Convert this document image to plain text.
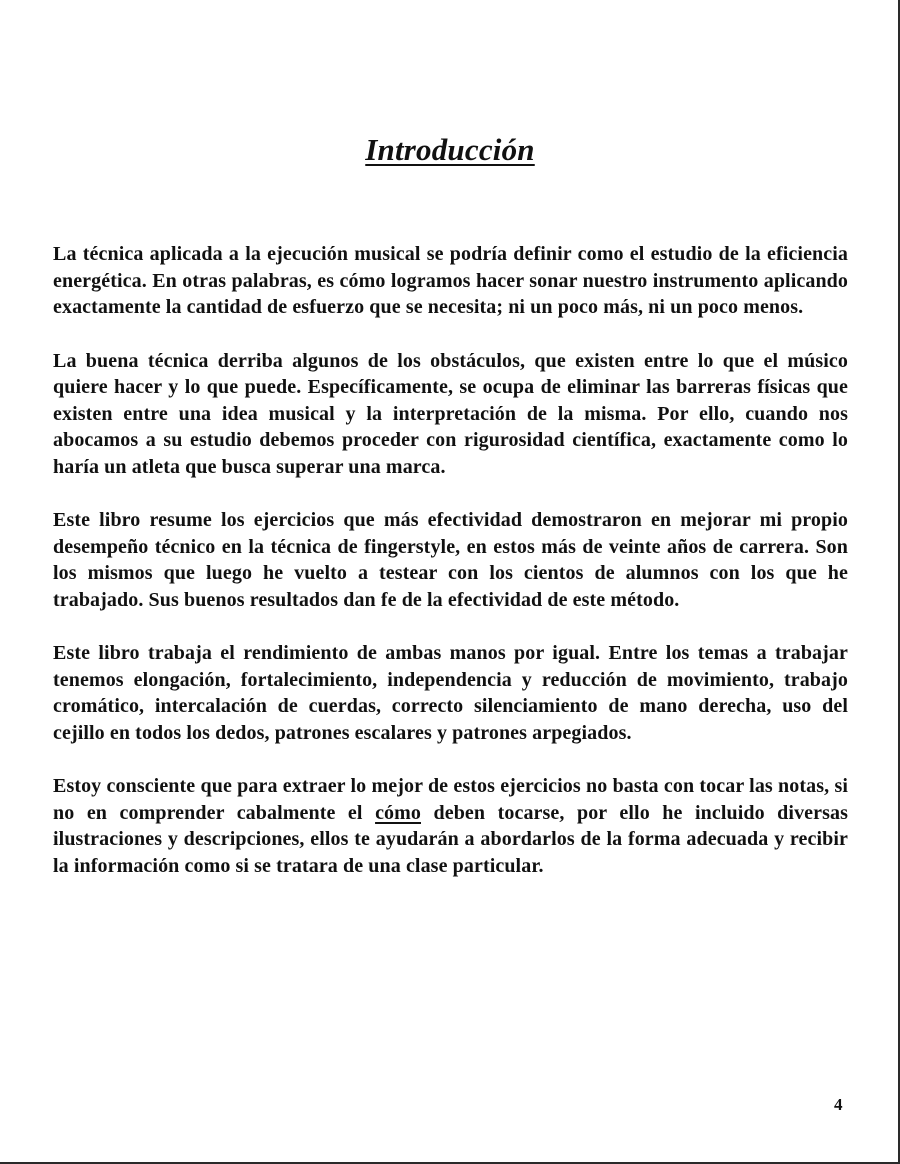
Introducción

La técnica aplicada a la ejecución musical se podría definir como el estudio de la eficiencia energética. En otras palabras, es cómo logramos hacer sonar nuestro instrumento aplicando exactamente la cantidad de esfuerzo que se necesita; ni un poco más, ni un poco menos.

La buena técnica derriba algunos de los obstáculos, que existen entre lo que el músico quiere hacer y lo que puede. Específicamente, se ocupa de eliminar las barreras físicas que existen entre una idea musical y la interpretación de la misma. Por ello, cuando nos abocamos a su estudio debemos proceder con rigurosidad científica, exactamente como lo haría un atleta que busca superar una marca.

Este libro resume los ejercicios que más efectividad demostraron en mejorar mi propio desempeño técnico en la técnica de fingerstyle, en estos más de veinte años de carrera. Son los mismos que luego he vuelto a testear con los cientos de alumnos con los que he trabajado. Sus buenos resultados dan fe de la efectividad de este método.

Este libro trabaja el rendimiento de ambas manos por igual. Entre los temas a trabajar tenemos elongación, fortalecimiento, independencia y reducción de movimiento, trabajo cromático, intercalación de cuerdas, correcto silenciamiento de mano derecha, uso del cejillo en todos los dedos, patrones escalares y patrones arpegiados.

Estoy consciente que para extraer lo mejor de estos ejercicios no basta con tocar las notas, si no en comprender cabalmente el cómo deben tocarse, por ello he incluido diversas ilustraciones y descripciones, ellos te ayudarán a abordarlos de la forma adecuada y recibir la información como si se tratara de una clase particular.

4
